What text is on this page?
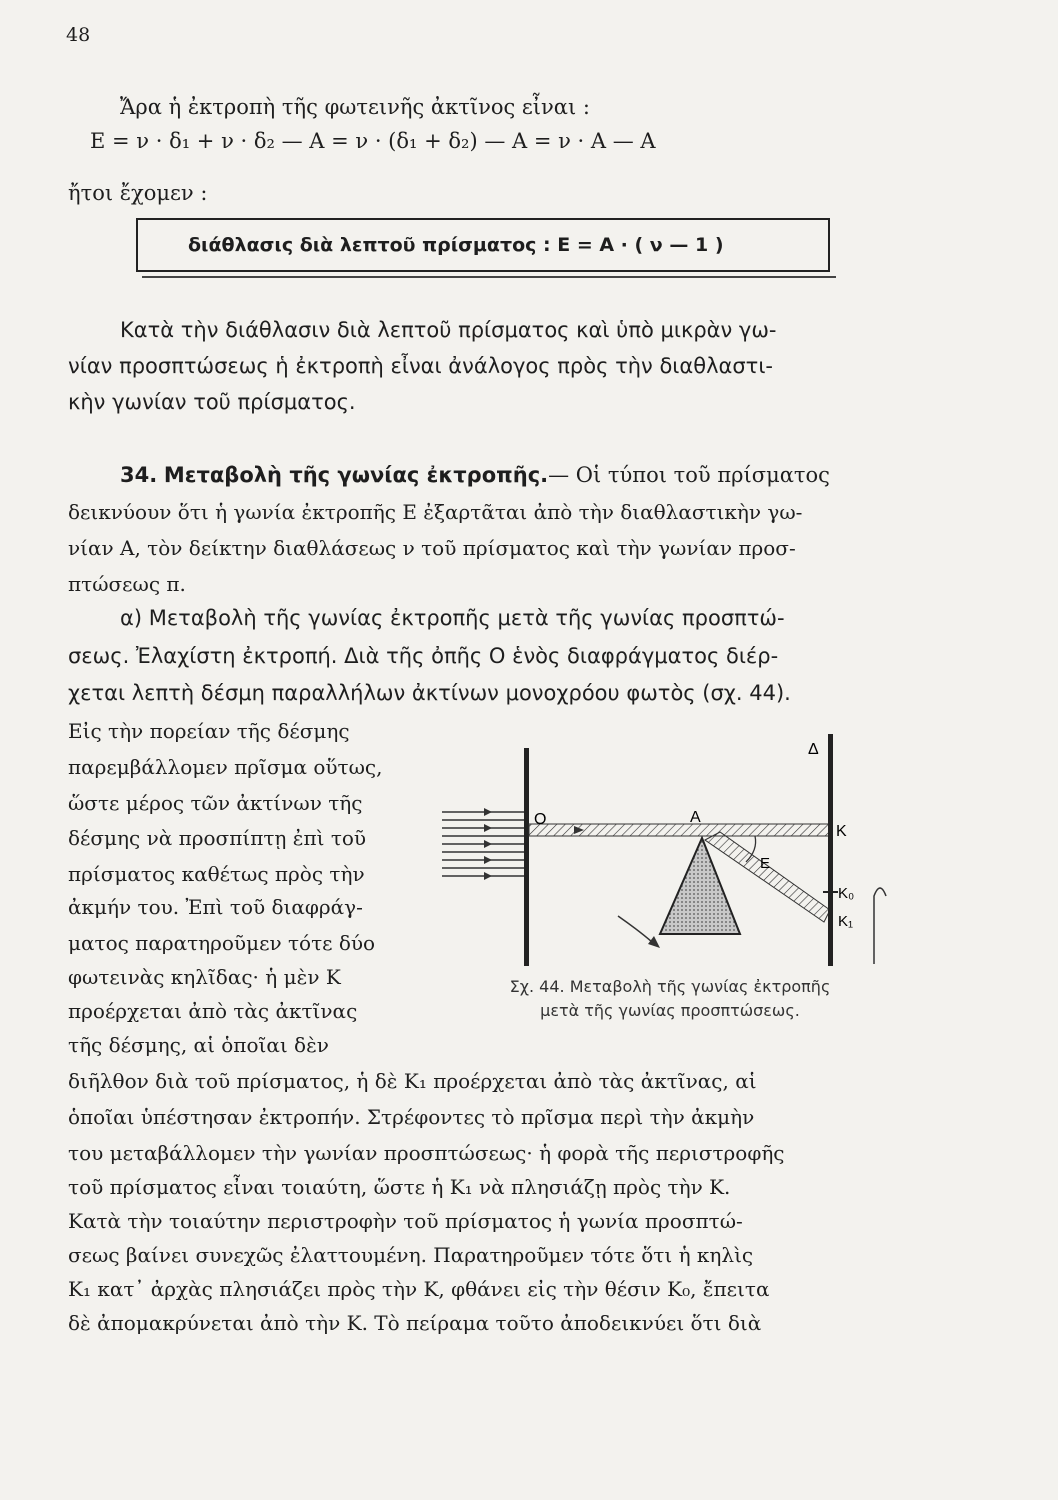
48
Ἄρα ἡ ἐκτροπὴ τῆς φωτεινῆς ἀκτῖνος εἶναι :
E = ν · δ₁ + ν · δ₂ — A = ν · (δ₁ + δ₂) — A = ν · A — A
ἤτοι ἔχομεν :
διάθλασις διὰ λεπτοῦ πρίσματος : E = A · ( ν — 1 )
Κατὰ τὴν διάθλασιν διὰ λεπτοῦ πρίσματος καὶ ὑπὸ μικρὰν γω-
νίαν προσπτώσεως ἡ ἐκτροπὴ εἶναι ἀνάλογος πρὸς τὴν διαθλαστι-
κὴν γωνίαν τοῦ πρίσματος.
34. Μεταβολὴ τῆς γωνίας ἐκτροπῆς.— Οἱ τύποι τοῦ πρίσματος
δεικνύουν ὅτι ἡ γωνία ἐκτροπῆς E ἐξαρτᾶται ἀπὸ τὴν διαθλαστικὴν γω-
νίαν A, τὸν δείκτην διαθλάσεως ν τοῦ πρίσματος καὶ τὴν γωνίαν προσ-
πτώσεως π.
α) Μεταβολὴ τῆς γωνίας ἐκτροπῆς μετὰ τῆς γωνίας προσπτώ-
σεως. Ἐλαχίστη ἐκτροπή. Διὰ τῆς ὀπῆς O ἑνὸς διαφράγματος διέρ-
χεται λεπτὴ δέσμη παραλλήλων ἀκτίνων μονοχρόου φωτὸς (σχ. 44).
Εἰς τὴν πορείαν τῆς δέσμης
παρεμβάλλομεν πρῖσμα οὕτως,
ὥστε μέρος τῶν ἀκτίνων τῆς
δέσμης νὰ προσπίπτῃ ἐπὶ τοῦ
πρίσματος καθέτως πρὸς τὴν
ἀκμήν του. Ἐπὶ τοῦ διαφράγ-
ματος παρατηροῦμεν τότε δύο
φωτεινὰς κηλῖδας· ἡ μὲν K
προέρχεται ἀπὸ τὰς ἀκτῖνας
τῆς δέσμης, αἱ ὁποῖαι δὲν
O	A
Δ
K
E
K₀
K₁
Σχ. 44. Μεταβολὴ τῆς γωνίας ἐκτροπῆς
μετὰ τῆς γωνίας προσπτώσεως.
διῆλθον διὰ τοῦ πρίσματος, ἡ δὲ K₁ προέρχεται ἀπὸ τὰς ἀκτῖνας, αἱ
ὁποῖαι ὑπέστησαν ἐκτροπήν. Στρέφοντες τὸ πρῖσμα περὶ τὴν ἀκμὴν
του μεταβάλλομεν τὴν γωνίαν προσπτώσεως· ἡ φορὰ τῆς περιστροφῆς
τοῦ πρίσματος εἶναι τοιαύτη, ὥστε ἡ K₁ νὰ πλησιάζῃ πρὸς τὴν K.
Κατὰ τὴν τοιαύτην περιστροφὴν τοῦ πρίσματος ἡ γωνία προσπτώ-
σεως βαίνει συνεχῶς ἐλαττουμένη. Παρατηροῦμεν τότε ὅτι ἡ κηλὶς
K₁ κατ᾽ ἀρχὰς πλησιάζει πρὸς τὴν K, φθάνει εἰς τὴν θέσιν K₀, ἔπειτα
δὲ ἀπομακρύνεται ἀπὸ τὴν K. Τὸ πείραμα τοῦτο ἀποδεικνύει ὅτι διὰ
